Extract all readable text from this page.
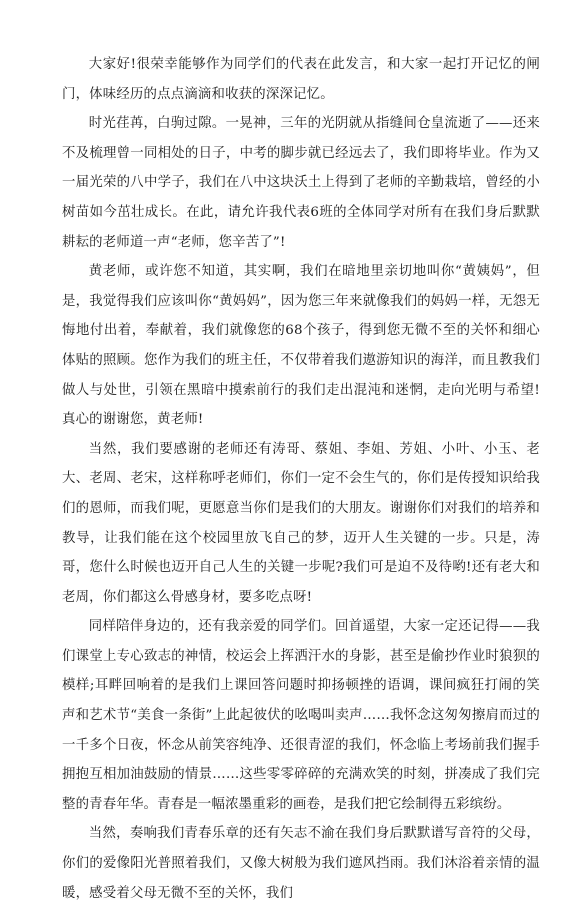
大家好!很荣幸能够作为同学们的代表在此发言，和大家一起打开记忆的闸门，体味经历的点点滴滴和收获的深深记忆。

时光荏苒，白驹过隙。一晃神，三年的光阴就从指缝间仓皇流逝了——还来不及梳理曾一同相处的日子，中考的脚步就已经远去了，我们即将毕业。作为又一届光荣的八中学子，我们在八中这块沃土上得到了老师的辛勤栽培，曾经的小树苗如今茁壮成长。在此，请允许我代表6班的全体同学对所有在我们身后默默耕耘的老师道一声“老师，您辛苦了”!

黄老师，或许您不知道，其实啊，我们在暗地里亲切地叫你“黄姨妈”，但是，我觉得我们应该叫你“黄妈妈”，因为您三年来就像我们的妈妈一样，无怨无悔地付出着，奉献着，我们就像您的68个孩子，得到您无微不至的关怀和细心体贴的照顾。您作为我们的班主任，不仅带着我们遨游知识的海洋，而且教我们做人与处世，引领在黑暗中摸索前行的我们走出混沌和迷惘，走向光明与希望!真心的谢谢您，黄老师!

当然，我们要感谢的老师还有涛哥、蔡姐、李姐、芳姐、小叶、小玉、老大、老周、老宋，这样称呼老师们，你们一定不会生气的，你们是传授知识给我们的恩师，而我们呢，更愿意当你们是我们的大朋友。谢谢你们对我们的培养和教导，让我们能在这个校园里放飞自己的梦，迈开人生关键的一步。只是，涛哥，您什么时候也迈开自己人生的关键一步呢?我们可是迫不及待哟!还有老大和老周，你们都这么骨感身材，要多吃点呀!

同样陪伴身边的，还有我亲爱的同学们。回首遥望，大家一定还记得——我们课堂上专心致志的神情，校运会上挥洒汗水的身影，甚至是偷抄作业时狼狈的模样;耳畔回响着的是我们上课回答问题时抑扬顿挫的语调，课间疯狂打闹的笑声和艺术节“美食一条街”上此起彼伏的吆喝叫卖声……我怀念这匆匆擦肩而过的一千多个日夜，怀念从前笑容纯净、还很青涩的我们，怀念临上考场前我们握手拥抱互相加油鼓励的情景……这些零零碎碎的充满欢笑的时刻，拼凑成了我们完整的青春年华。青春是一幅浓墨重彩的画卷，是我们把它绘制得五彩缤纷。

当然，奏响我们青春乐章的还有矢志不渝在我们身后默默谱写音符的父母，你们的爱像阳光普照着我们，又像大树般为我们遮风挡雨。我们沐浴着亲情的温暖，感受着父母无微不至的关怀，我们
